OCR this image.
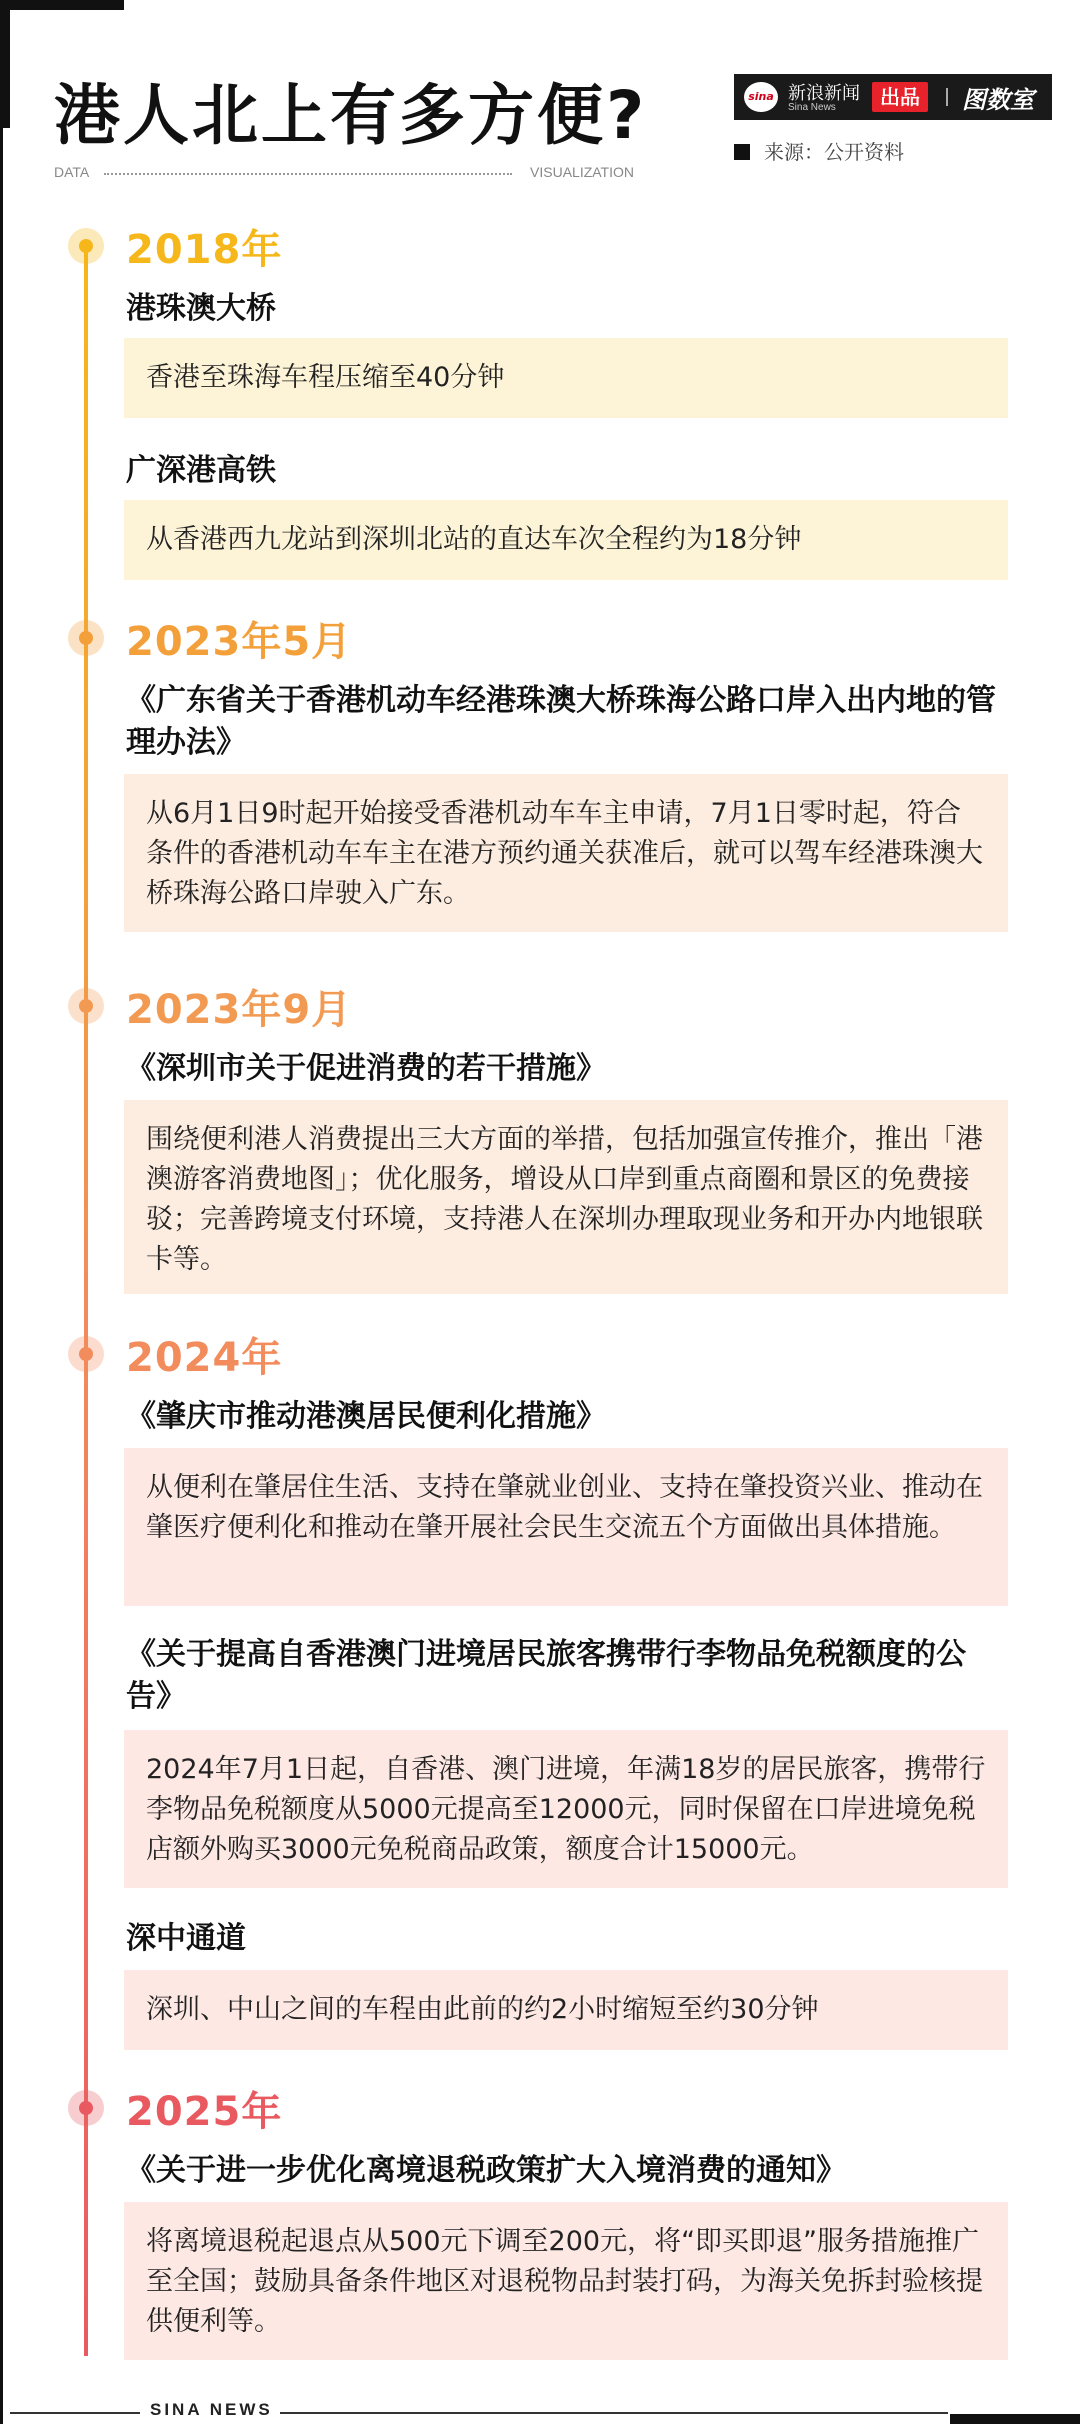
港人北上有多方便?
DATA	VISUALIZATION
sina 新浪新闻
Sina News	出品	图数室
来源：公开资料
2018年
港珠澳大桥
香港至珠海车程压缩至40分钟
广深港高铁
从香港西九龙站到深圳北站的直达车次全程约为18分钟
2023年5月
《广东省关于香港机动车经港珠澳大桥珠海公路口岸入出内地的管理办法》
从6月1日9时起开始接受香港机动车车主申请，7月1日零时起，符合条件的香港机动车车主在港方预约通关获准后，就可以驾车经港珠澳大桥珠海公路口岸驶入广东。
2023年9月
《深圳市关于促进消费的若干措施》
围绕便利港人消费提出三大方面的举措，包括加强宣传推介，推出「港澳游客消费地图」；优化服务，增设从口岸到重点商圈和景区的免费接驳；完善跨境支付环境，支持港人在深圳办理取现业务和开办内地银联卡等。
2024年
《肇庆市推动港澳居民便利化措施》
从便利在肇居住生活、支持在肇就业创业、支持在肇投资兴业、推动在肇医疗便利化和推动在肇开展社会民生交流五个方面做出具体措施。
《关于提高自香港澳门进境居民旅客携带行李物品免税额度的公告》
2024年7月1日起，自香港、澳门进境，年满18岁的居民旅客，携带行李物品免税额度从5000元提高至12000元，同时保留在口岸进境免税店额外购买3000元免税商品政策，额度合计15000元。
深中通道
深圳、中山之间的车程由此前的约2小时缩短至约30分钟
2025年
《关于进一步优化离境退税政策扩大入境消费的通知》
将离境退税起退点从500元下调至200元，将“即买即退”服务措施推广至全国；鼓励具备条件地区对退税物品封装打码，为海关免拆封验核提供便利等。
SINA NEWS
